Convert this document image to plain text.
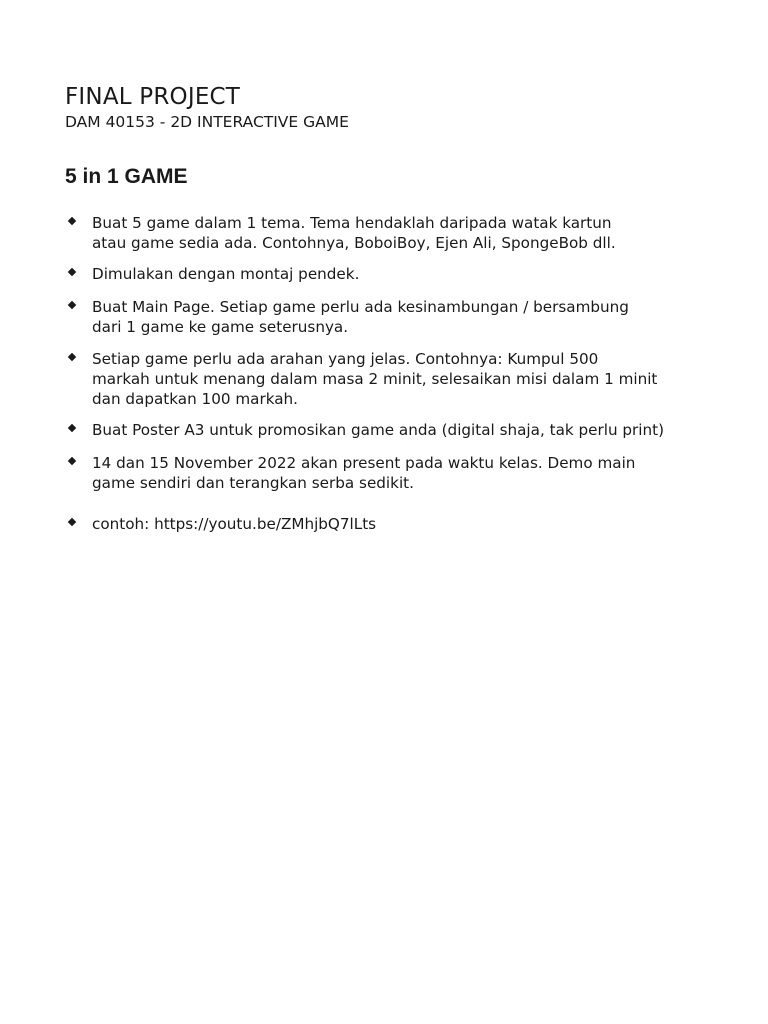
FINAL PROJECT
DAM 40153 - 2D INTERACTIVE GAME
5 in 1 GAME
Buat 5 game dalam 1 tema. Tema hendaklah daripada watak kartun
atau game sedia ada. Contohnya, BoboiBoy, Ejen Ali, SpongeBob dll.
Dimulakan dengan montaj pendek.
Buat Main Page. Setiap game perlu ada kesinambungan / bersambung
dari 1 game ke game seterusnya.
Setiap game perlu ada arahan yang jelas. Contohnya: Kumpul 500
markah untuk menang dalam masa 2 minit, selesaikan misi dalam 1 minit
dan dapatkan 100 markah.
Buat Poster A3 untuk promosikan game anda (digital shaja, tak perlu print)
14 dan 15 November 2022 akan present pada waktu kelas. Demo main
game sendiri dan terangkan serba sedikit.
contoh: https://youtu.be/ZMhjbQ7lLts
